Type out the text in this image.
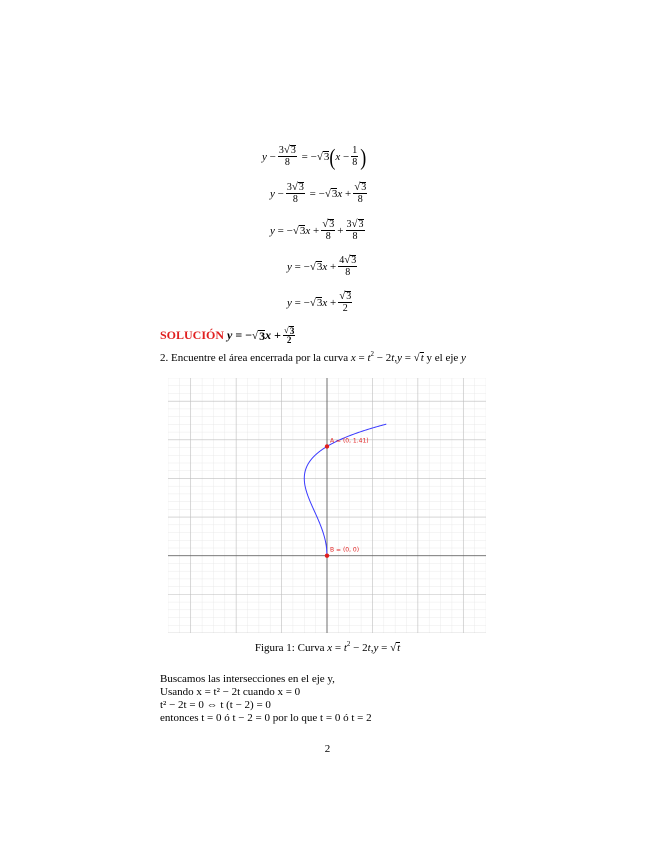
y
− $\frac{3 √ 3}{8}$
=
− √ 3 ( x
− $\frac{1}{8}$ )
y
− $\frac{3 √ 3}{8}$
=
− √ 3 x
+ $\frac{√ 3}{8}$
y
=
− √ 3 x
+ $\frac{√ 3}{8} + \frac{3 √ 3}{8}$
y
=
− √ 3 x
+ $\frac{4 √ 3}{8}$
y
=
− √ 3 x
+ $\frac{√ 3}{2}$
SOLUCIÓN
y
=
− √ 3 x
+ $\frac{√ 3}{2}$
2. Encuentre el área encerrada por la curva $x = t^2 - 2t,y$ = √ t y el eje y
A = (0, 1.41)
B = (0, 0)
Figura 1: Curva $x = t^2 - 2t,y$ = √ t
Buscamos las intersecciones en el eje y,
Usando x = t² − 2t cuando x = 0
t² − 2t = 0 ⇔ t (t − 2) = 0
entonces t = 0 ó t − 2 = 0 por lo que t = 0 ó t = 2
2
